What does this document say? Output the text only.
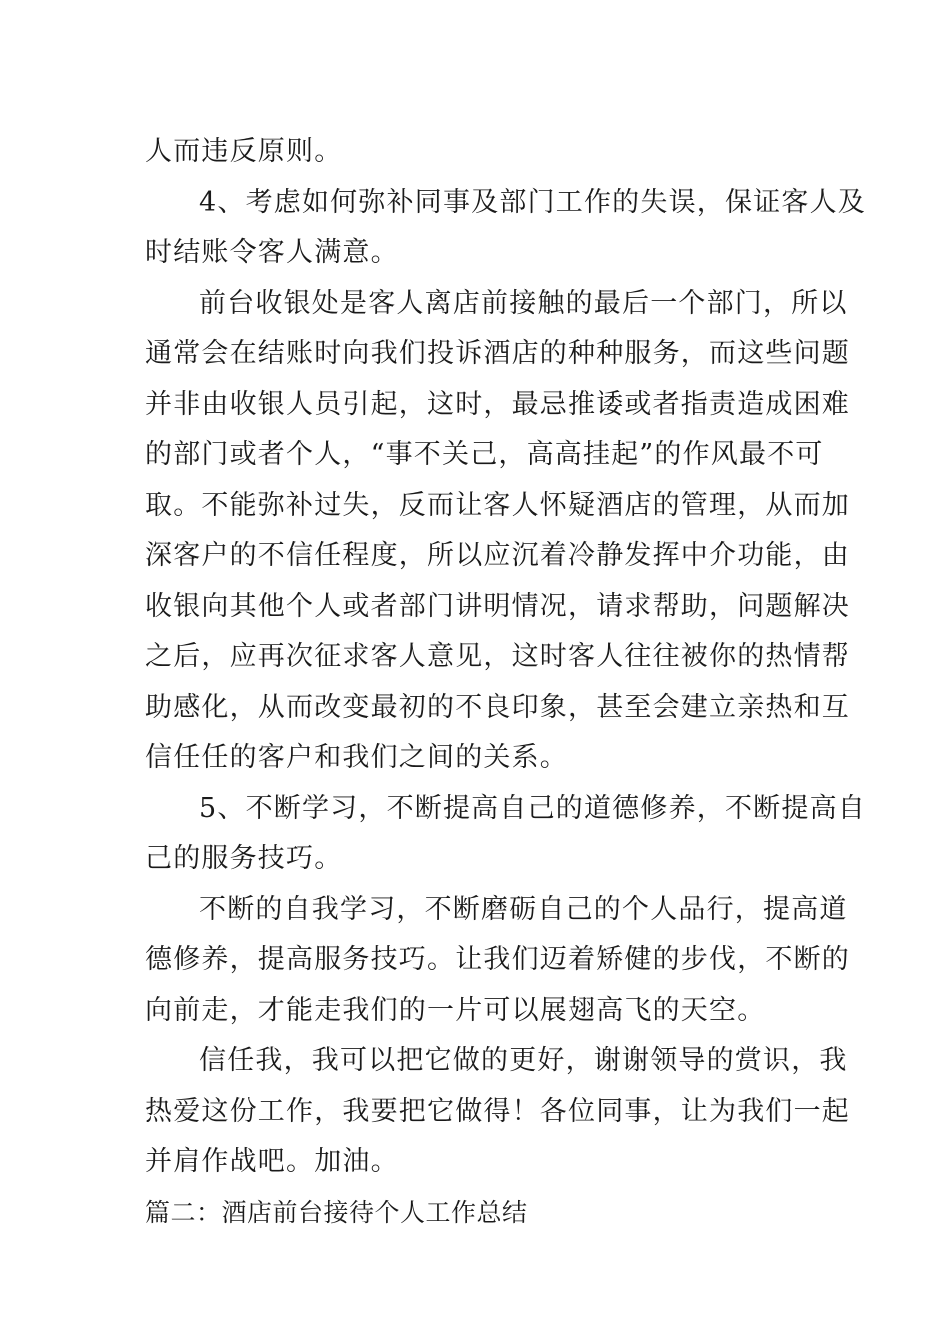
人而违反原则。
4、考虑如何弥补同事及部门工作的失误，保证客人及
时结账令客人满意。
前台收银处是客人离店前接触的最后一个部门，所以
通常会在结账时向我们投诉酒店的种种服务，而这些问题
并非由收银人员引起，这时，最忌推诿或者指责造成困难
的部门或者个人，“事不关己，高高挂起”的作风最不可
取。不能弥补过失，反而让客人怀疑酒店的管理，从而加
深客户的不信任程度，所以应沉着冷静发挥中介功能，由
收银向其他个人或者部门讲明情况，请求帮助，问题解决
之后，应再次征求客人意见，这时客人往往被你的热情帮
助感化，从而改变最初的不良印象，甚至会建立亲热和互
信任任的客户和我们之间的关系。
5、不断学习，不断提高自己的道德修养，不断提高自
己的服务技巧。
不断的自我学习，不断磨砺自己的个人品行，提高道
德修养，提高服务技巧。让我们迈着矫健的步伐，不断的
向前走，才能走我们的一片可以展翅高飞的天空。
信任我，我可以把它做的更好，谢谢领导的赏识，我
热爱这份工作，我要把它做得！各位同事，让为我们一起
并肩作战吧。加油。
篇二：酒店前台接待个人工作总结
